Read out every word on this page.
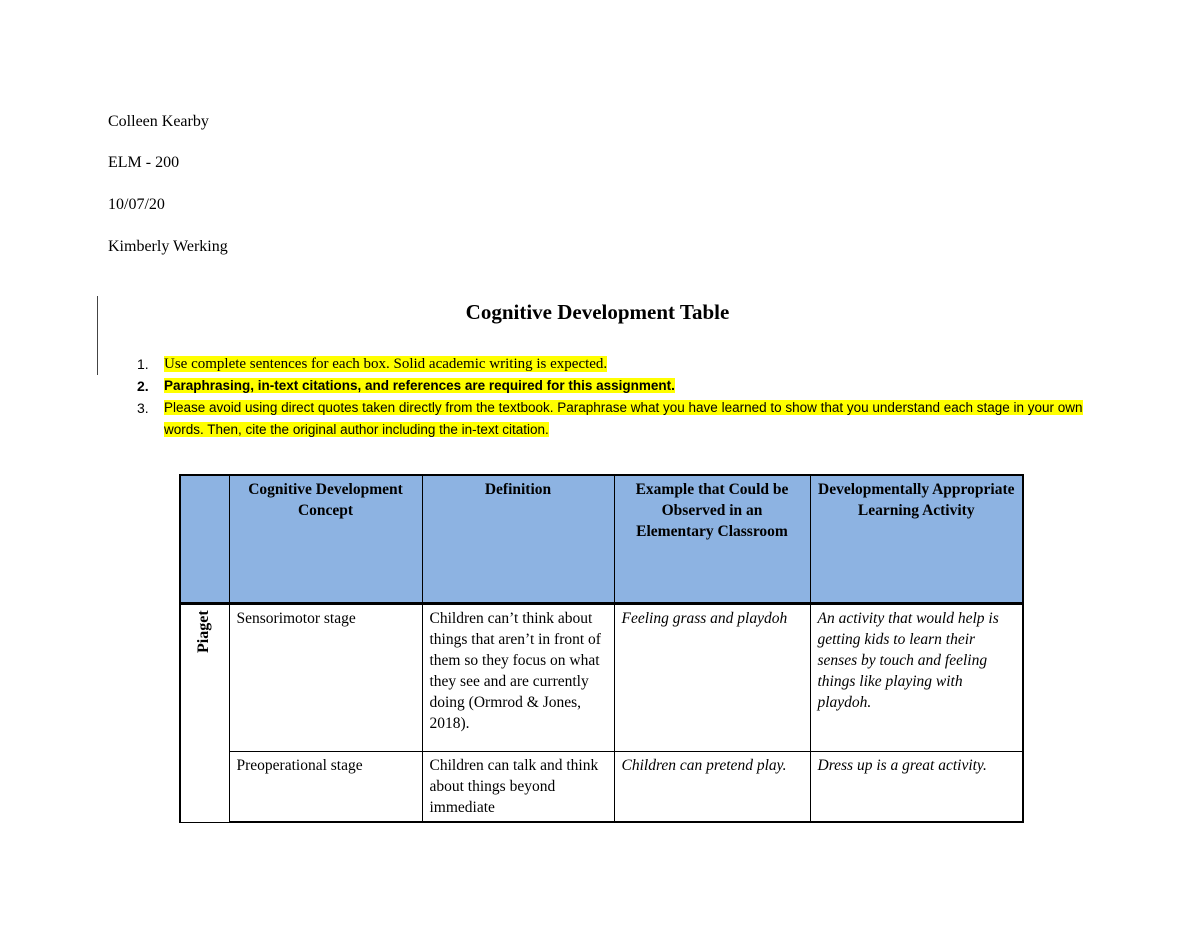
Colleen Kearby
ELM - 200
10/07/20
Kimberly Werking
Cognitive Development Table
1. Use complete sentences for each box. Solid academic writing is expected.
2. Paraphrasing, in-text citations, and references are required for this assignment.
3. Please avoid using direct quotes taken directly from the textbook. Paraphrase what you have learned to show that you understand each stage in your own words. Then, cite the original author including the in-text citation.
	Cognitive Development Concept	Definition	Example that Could be Observed in an Elementary Classroom	Developmentally Appropriate Learning Activity

Piaget	Sensorimotor stage	Children can’t think about things that aren’t in front of them so they focus on what they see and are currently doing (Ormrod & Jones, 2018).	Feeling grass and playdoh	An activity that would help is getting kids to learn their senses by touch and feeling things like playing with playdoh.
	Preoperational stage	Children can talk and think about things beyond immediate	Children can pretend play.	Dress up is a great activity.
